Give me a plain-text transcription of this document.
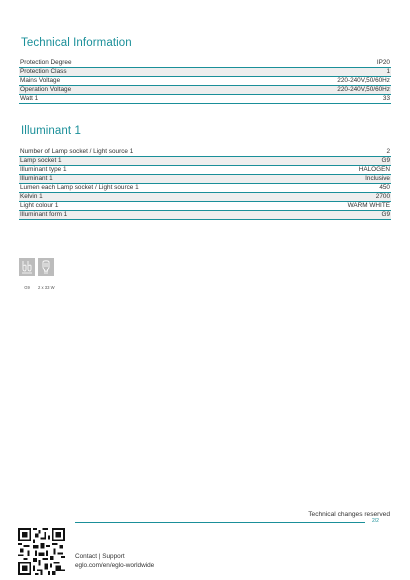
Technical Information
Protection Degree	IP20
Protection Class	1
Mains Voltage	220-240V,50/60Hz
Operation Voltage	220-240V,50/60Hz
Watt 1	33
Illuminant 1
Number of Lamp socket / Light source 1	2
Lamp socket 1	G9
Illuminant type 1	HALOGEN
Illuminant 1	Inclusive
Lumen each Lamp socket / Light source 1	450
Kelvin 1	2700
Light colour 1	WARM WHITE
Illuminant form 1	G9
G9	2 x 33 W
Technical changes reserved
2/2
Contact | Support
eglo.com/en/eglo-worldwide
